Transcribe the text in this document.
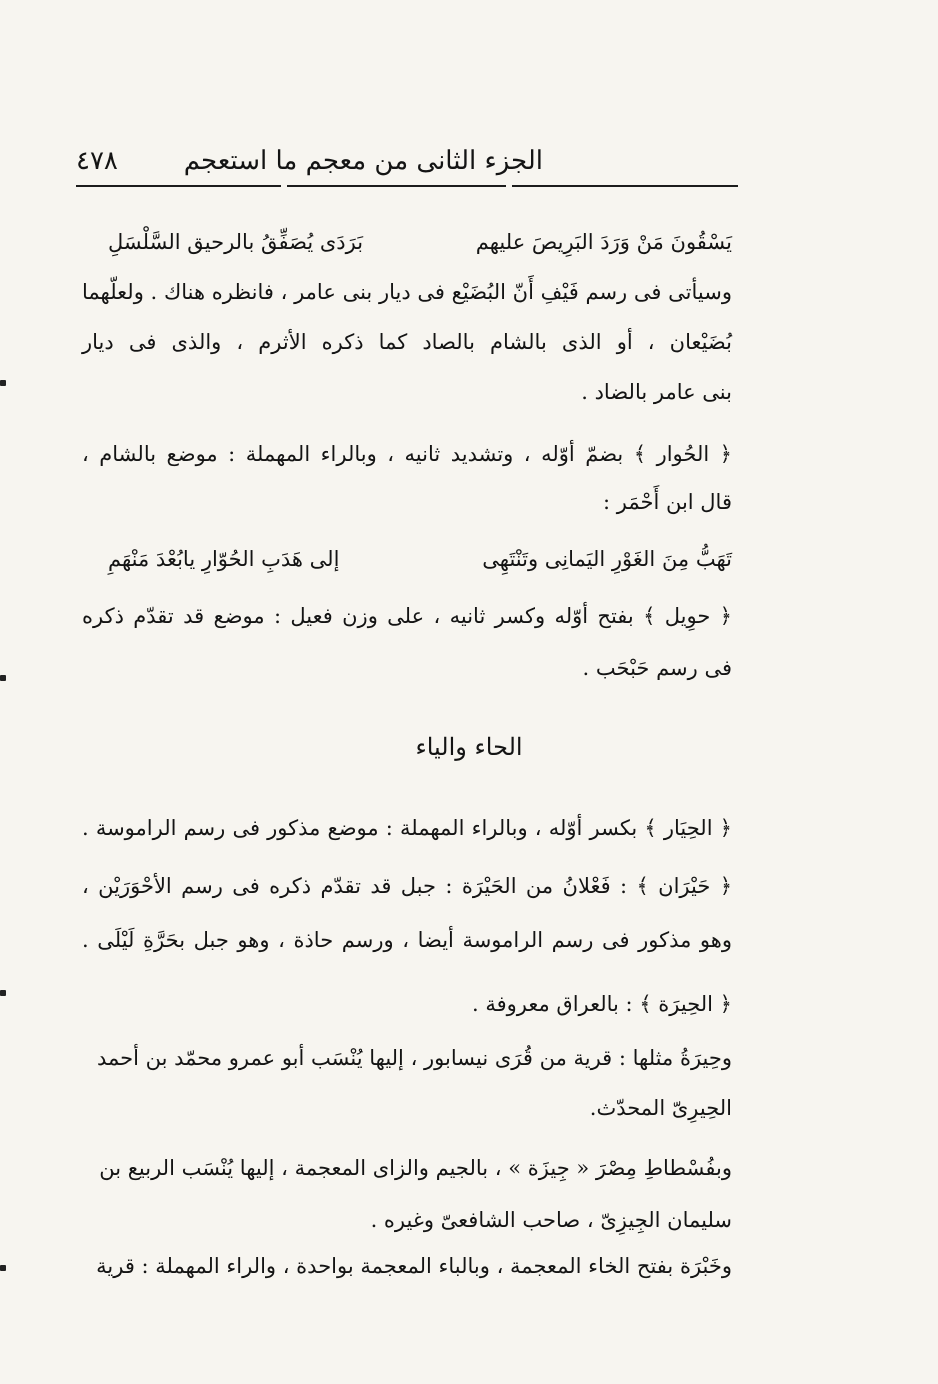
٤٧٨	الجزء الثانى من معجم ما استعجم
يَسْقُونَ مَنْ وَرَدَ البَرِيصَ عليهم
بَرَدَى يُصَفِّقُ بالرحيق السَّلْسَلِ
وسيأتى فى رسم فَيْفِ أَنّ البُضَيْع فى ديار بنى عامر ، فانظره هناك . ولعلّهما
بُضَيْعان ، أو الذى بالشام بالصاد كما ذكره الأثرم ، والذى فى ديار
بنى عامر بالضاد .
﴿ الحُوار ﴾ بضمّ أوّله ، وتشديد ثانيه ، وبالراء المهملة : موضع بالشام ،
قال ابن أَحْمَر :
تَهَبُّ مِنَ الغَوْرِ اليَمانِى وتَنْتَهِى
إلى هَدَبِ الحُوّارِ يابُعْدَ مَنْهَمِ
﴿ حوِيل ﴾ بفتح أوّله وكسر ثانيه ، على وزن فعيل : موضع قد تقدّم ذكره
فى رسم حَبْحَب .
الحاء والياء
﴿ الحِيَار ﴾ بكسر أوّله ، وبالراء المهملة : موضع مذكور فى رسم الراموسة .
﴿ حَيْرَان ﴾ : فَعْلانُ من الحَيْرَة : جبل قد تقدّم ذكره فى رسم الأحْوَرَيْن ،
وهو مذكور فى رسم الراموسة أيضا ، ورسم حاذة ، وهو جبل بحَرَّةِ لَيْلَى .
﴿ الحِيرَة ﴾ : بالعراق معروفة .
وحِيرَةُ مثلها : قرية من قُرَى نيسابور ، إليها يُنْسَب أبو عمرو محمّد بن أحمد
الحِيرِىّ المحدّث.
وبفُسْطاطِ مِصْرَ « جِيزَة » ، بالجيم والزاى المعجمة ، إليها يُنْسَب الربيع بن
سليمان الجِيزِىّ ، صاحب الشافعىّ وغيره .
وخَبْرَة بفتح الخاء المعجمة ، وبالباء المعجمة بواحدة ، والراء المهملة : قرية
